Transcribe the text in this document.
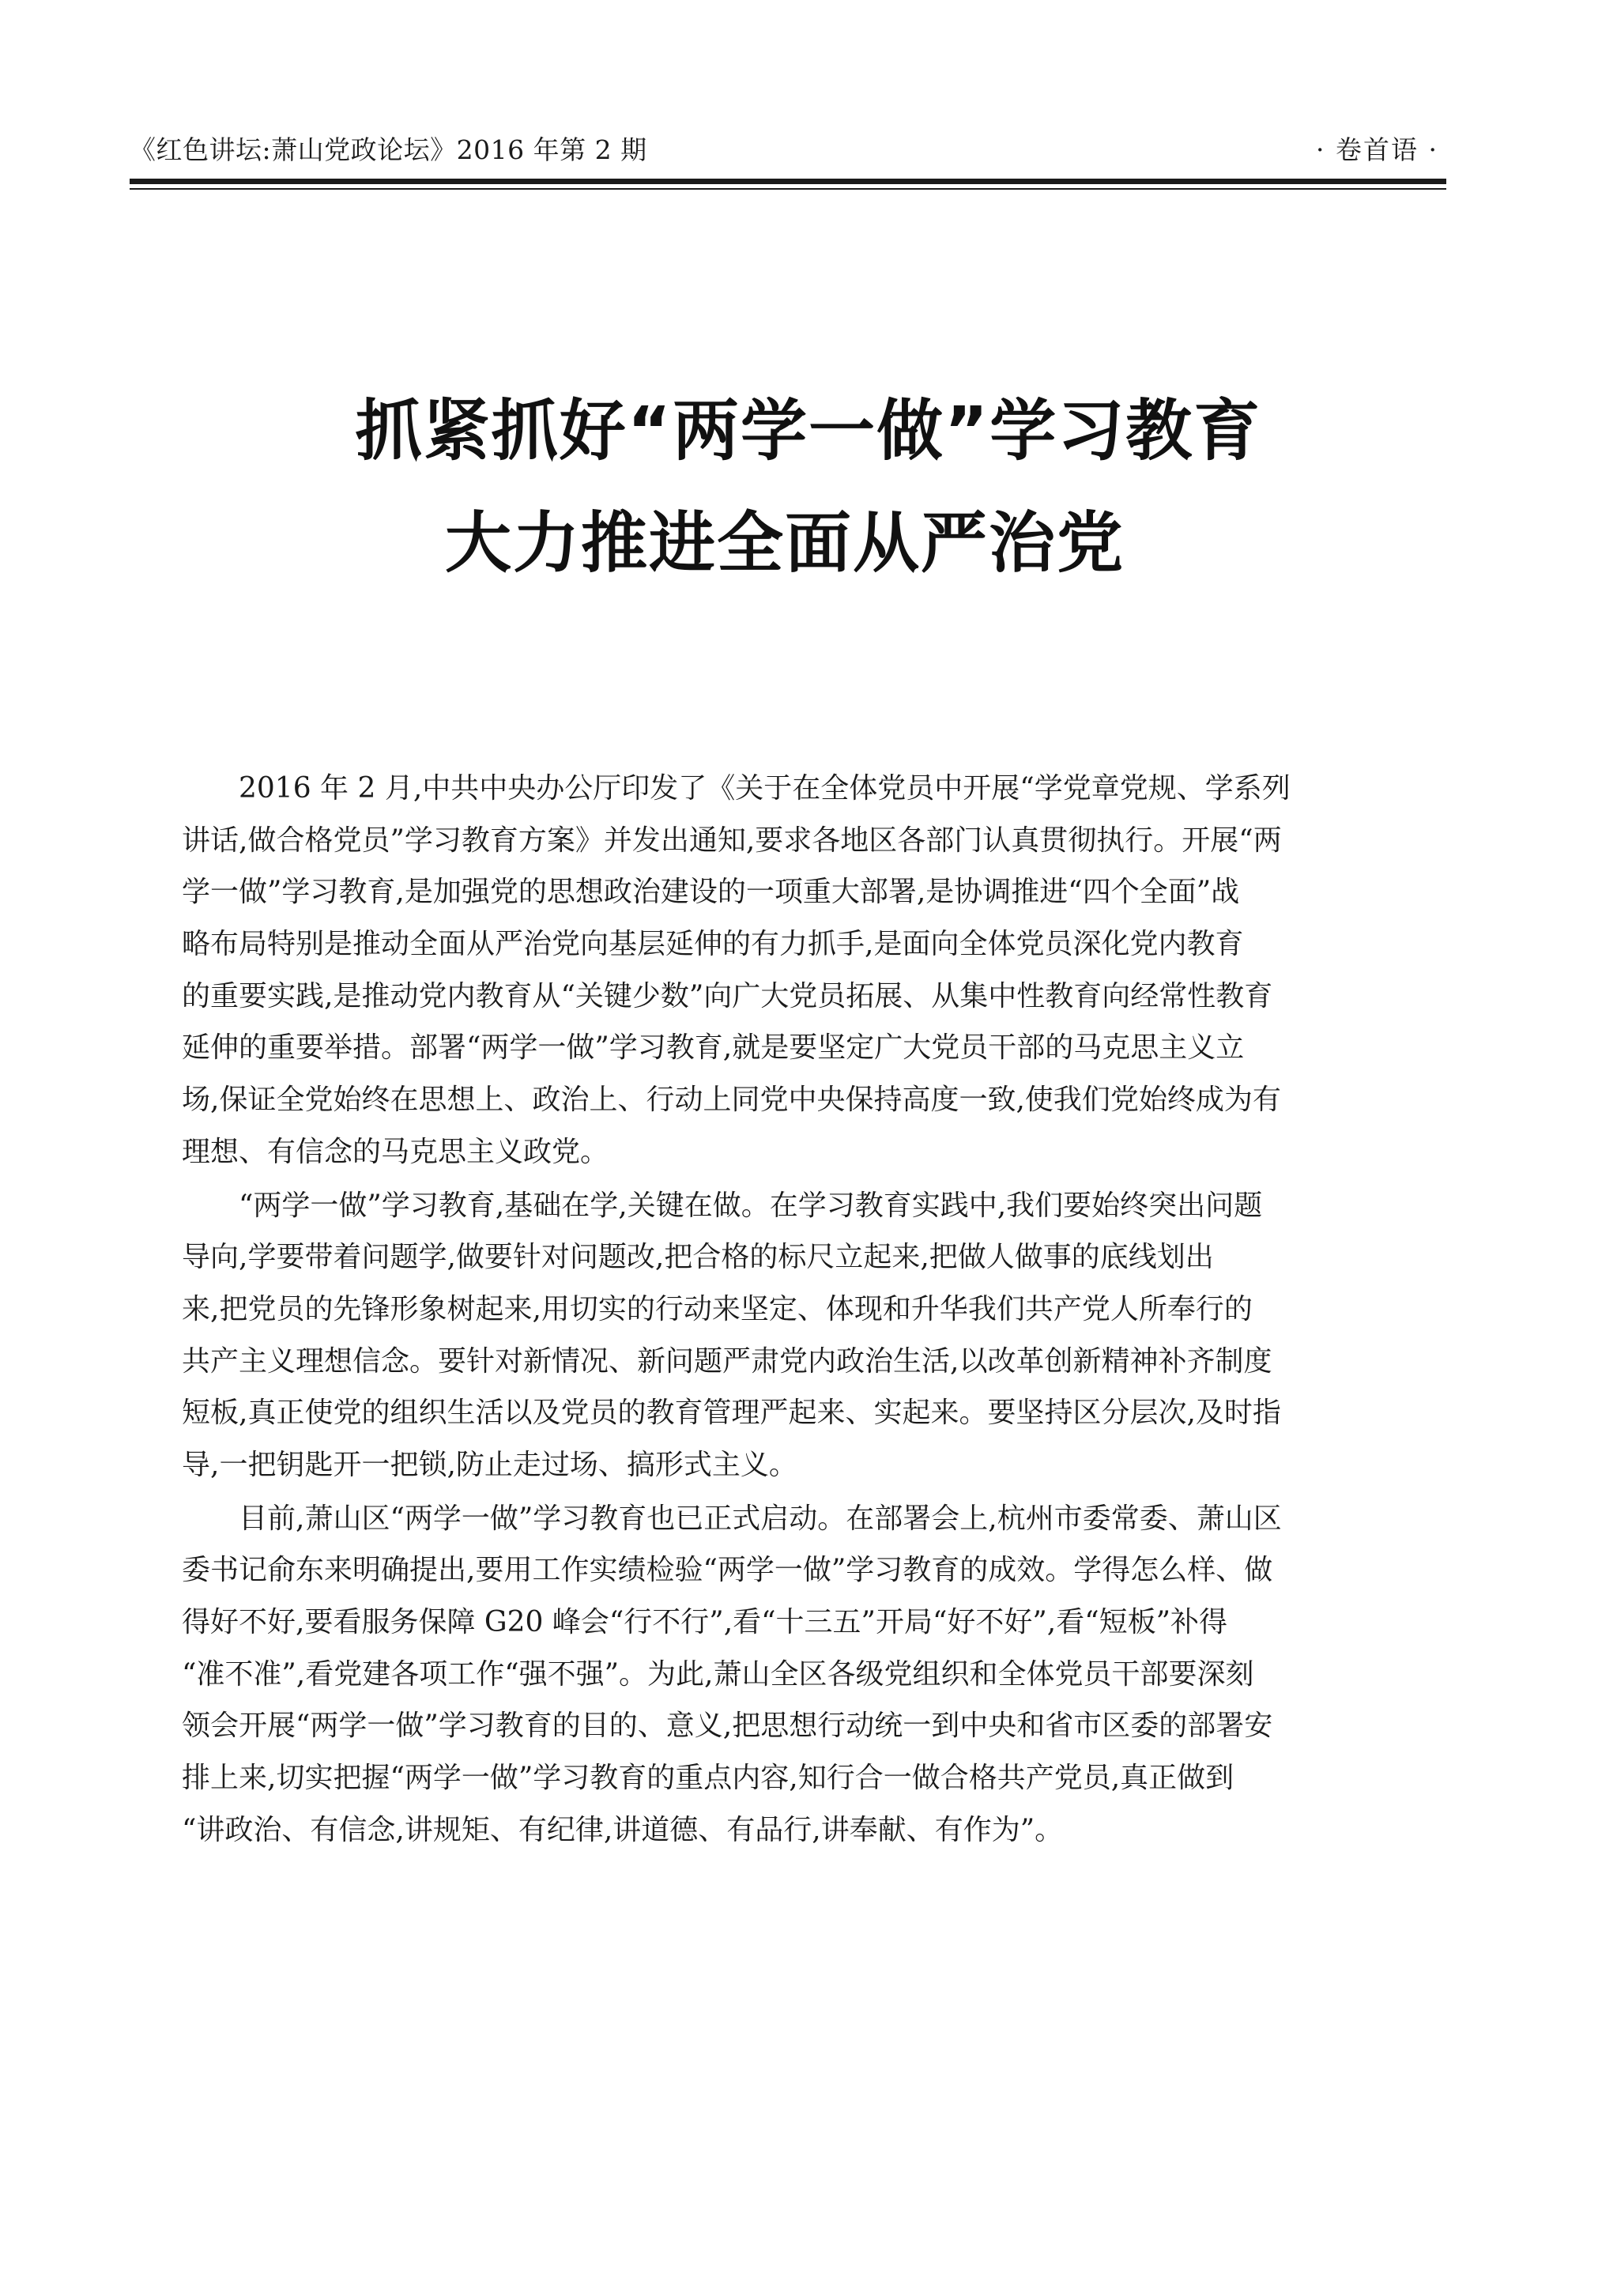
《红色讲坛:萧山党政论坛》2016 年第 2 期	· 卷首语 ·
抓紧抓好“两学一做”学习教育
大力推进全面从严治党
　　2016 年 2 月,中共中央办公厅印发了《关于在全体党员中开展“学党章党规、学系列
讲话,做合格党员”学习教育方案》并发出通知,要求各地区各部门认真贯彻执行。开展“两
学一做”学习教育,是加强党的思想政治建设的一项重大部署,是协调推进“四个全面”战
略布局特别是推动全面从严治党向基层延伸的有力抓手,是面向全体党员深化党内教育
的重要实践,是推动党内教育从“关键少数”向广大党员拓展、从集中性教育向经常性教育
延伸的重要举措。部署“两学一做”学习教育,就是要坚定广大党员干部的马克思主义立
场,保证全党始终在思想上、政治上、行动上同党中央保持高度一致,使我们党始终成为有
理想、有信念的马克思主义政党。
　　“两学一做”学习教育,基础在学,关键在做。在学习教育实践中,我们要始终突出问题
导向,学要带着问题学,做要针对问题改,把合格的标尺立起来,把做人做事的底线划出
来,把党员的先锋形象树起来,用切实的行动来坚定、体现和升华我们共产党人所奉行的
共产主义理想信念。要针对新情况、新问题严肃党内政治生活,以改革创新精神补齐制度
短板,真正使党的组织生活以及党员的教育管理严起来、实起来。要坚持区分层次,及时指
导,一把钥匙开一把锁,防止走过场、搞形式主义。
　　目前,萧山区“两学一做”学习教育也已正式启动。在部署会上,杭州市委常委、萧山区
委书记俞东来明确提出,要用工作实绩检验“两学一做”学习教育的成效。学得怎么样、做
得好不好,要看服务保障 G20 峰会“行不行”,看“十三五”开局“好不好”,看“短板”补得
“准不准”,看党建各项工作“强不强”。为此,萧山全区各级党组织和全体党员干部要深刻
领会开展“两学一做”学习教育的目的、意义,把思想行动统一到中央和省市区委的部署安
排上来,切实把握“两学一做”学习教育的重点内容,知行合一做合格共产党员,真正做到
“讲政治、有信念,讲规矩、有纪律,讲道德、有品行,讲奉献、有作为”。
